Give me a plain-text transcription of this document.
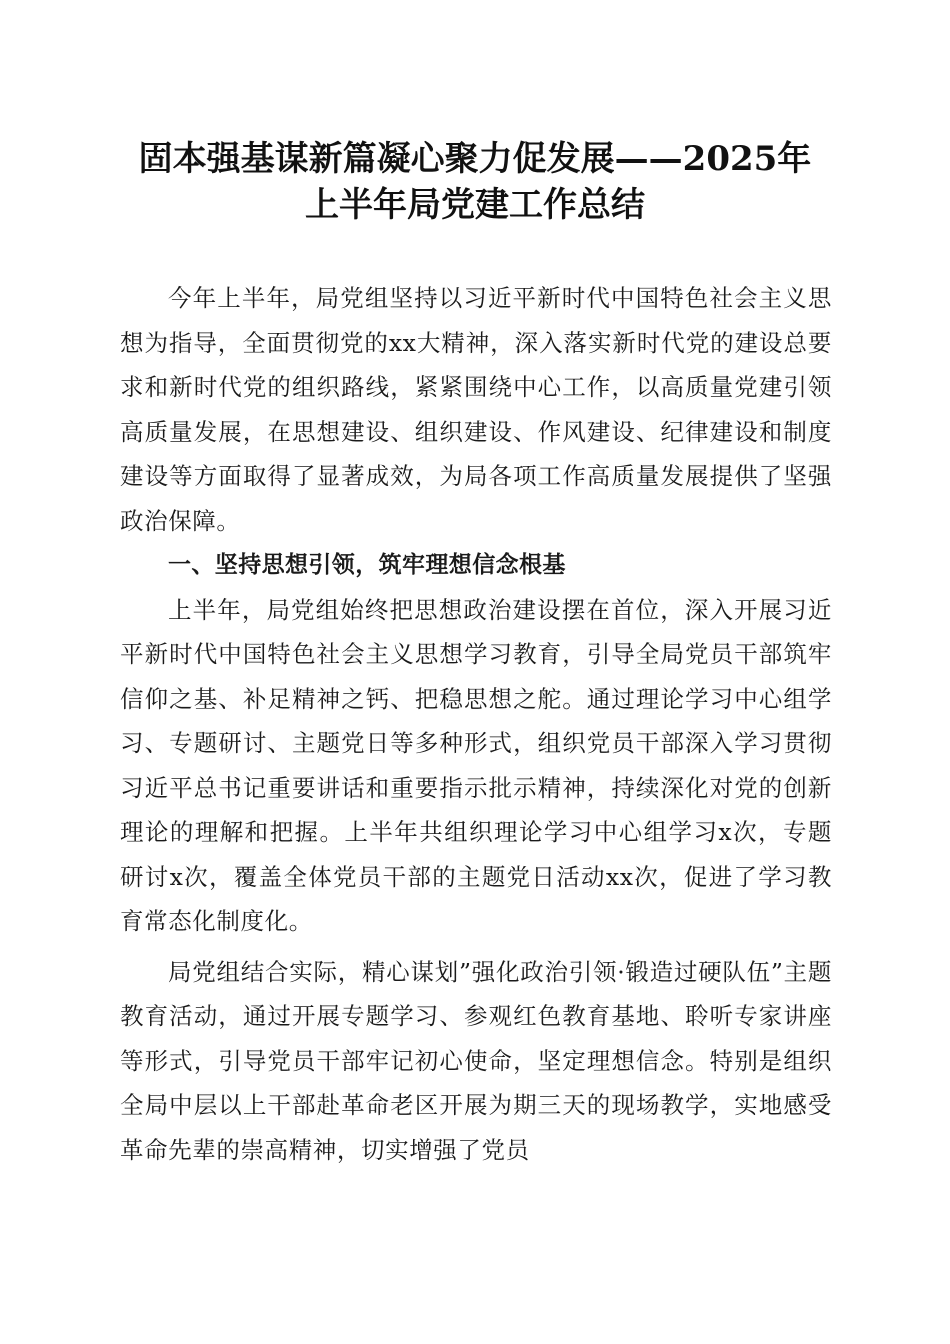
固本强基谋新篇凝心聚力促发展——2025年
上半年局党建工作总结

今年上半年，局党组坚持以习近平新时代中国特色社会主义思想为指导，全面贯彻党的xx大精神，深入落实新时代党的建设总要求和新时代党的组织路线，紧紧围绕中心工作，以高质量党建引领高质量发展，在思想建设、组织建设、作风建设、纪律建设和制度建设等方面取得了显著成效，为局各项工作高质量发展提供了坚强政治保障。

一、坚持思想引领，筑牢理想信念根基

上半年，局党组始终把思想政治建设摆在首位，深入开展习近平新时代中国特色社会主义思想学习教育，引导全局党员干部筑牢信仰之基、补足精神之钙、把稳思想之舵。通过理论学习中心组学习、专题研讨、主题党日等多种形式，组织党员干部深入学习贯彻习近平总书记重要讲话和重要指示批示精神，持续深化对党的创新理论的理解和把握。上半年共组织理论学习中心组学习x次，专题研讨x次，覆盖全体党员干部的主题党日活动xx次，促进了学习教育常态化制度化。

局党组结合实际，精心谋划”强化政治引领·锻造过硬队伍”主题教育活动，通过开展专题学习、参观红色教育基地、聆听专家讲座等形式，引导党员干部牢记初心使命，坚定理想信念。特别是组织全局中层以上干部赴革命老区开展为期三天的现场教学，实地感受革命先辈的崇高精神，切实增强了党员
